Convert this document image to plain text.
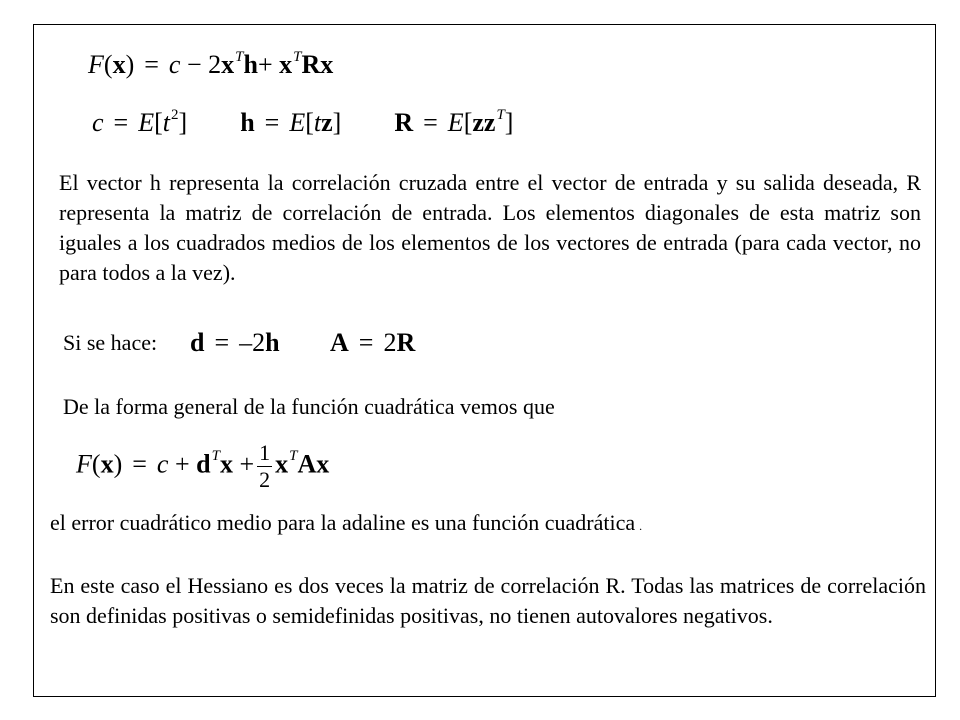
$F(x) = c - 2x^Th+ x^TRx$
$c = E[t^2] h = E[tz] R = E[zz^T]$

El vector h representa la correlación cruzada entre el vector de entrada y su salida deseada, R representa la matriz de correlación de entrada. Los elementos diagonales de esta matriz son iguales a los cuadrados medios de los elementos de los vectores de entrada (para cada vector, no para todos a la vez).

Si se hace: d = –2h A = 2R
De la forma general de la función cuadrática vemos que
$F(x) = c + d^Tx + \frac{1}{2} x^TAx$
el error cuadrático medio para la adaline es una función cuadrática .

En este caso el Hessiano es dos veces la matriz de correlación R. Todas las matrices de correlación son definidas positivas o semidefinidas positivas, no tienen autovalores negativos.
